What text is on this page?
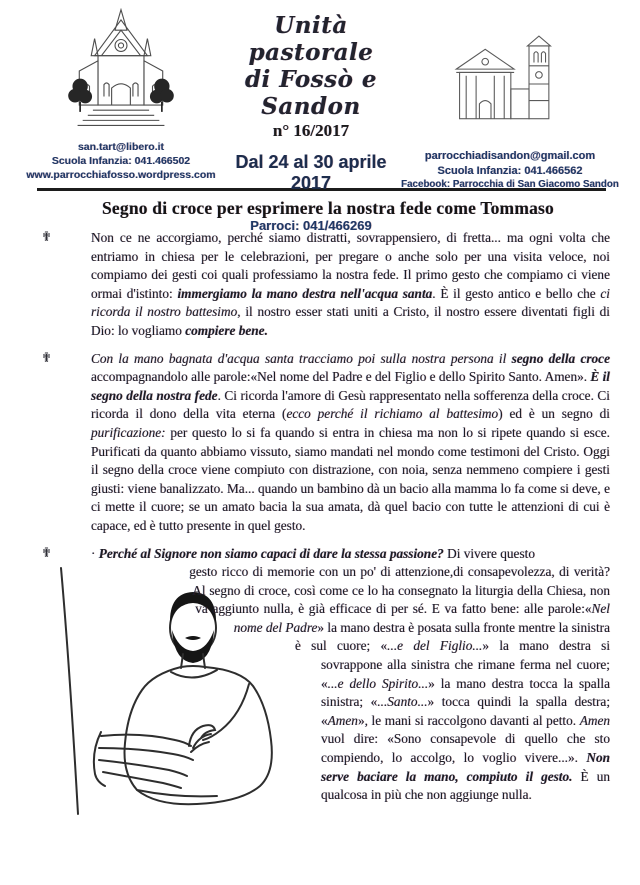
san.tart@libero.it
Scuola Infanzia: 041.466502
www.parrocchiafosso.wordpress.com
Unità pastorale
di Fossò e Sandon
n° 16/2017
Dal 24 al 30 aprile 2017
Parroci: 041/466269
parrocchiadisandon@gmail.com
Scuola Infanzia: 041.466562
Facebook: Parrocchia di San Giacomo Sandon
Segno di croce per esprimere la nostra fede come Tommaso
✟	Non ce ne accorgiamo, perché siamo distratti, sovrappensiero, di fretta... ma ogni volta che entriamo in chiesa per le celebrazioni, per pregare o anche solo per una visita veloce, noi compiamo dei gesti coi quali professiamo la nostra fede. Il primo gesto che compiamo ci viene ormai d'istinto: immergiamo la mano destra nell'acqua santa. È il gesto antico e bello che ci ricorda il nostro battesimo, il nostro esser stati uniti a Cristo, il nostro essere diventati figli di Dio: lo vogliamo compiere bene.

✟	Con la mano bagnata d'acqua santa tracciamo poi sulla nostra persona il segno della croce accompagnandolo alle parole:«Nel nome del Padre e del Figlio e dello Spirito Santo. Amen». È il segno della nostra fede. Ci ricorda l'amore di Gesù rappresentato nella sofferenza della croce. Ci ricorda il dono della vita eterna (ecco perché il richiamo al battesimo) ed è un segno di purificazione: per questo lo si fa quando si entra in chiesa ma non lo si ripete quando si esce. Purificati da quanto abbiamo vissuto, siamo mandati nel mondo come testimoni del Cristo. Oggi il segno della croce viene compiuto con distrazione, con noia, senza nemmeno compiere i gesti giusti: viene banalizzato. Ma... quando un bambino dà un bacio alla mamma lo fa come si deve, e ci mette il cuore; se un amato bacia la sua amata, dà quel bacio con tutte le attenzioni di cui è capace, ed è tutto presente in quel gesto.

✟	· Perché al Signore non siamo capaci di dare la stessa passione? Di vivere questo

gesto ricco di memorie con un po' di attenzione,di consapevolezza, di verità? Al segno di croce, così come ce lo ha consegnato la liturgia della Chiesa, non va aggiunto nulla, è già efficace di per sé. E va fatto bene: alle parole:«Nel nome del Padre» la mano destra è posata sulla fronte mentre la sinistra è sul cuore; «...e del Figlio...» la mano destra si sovrappone alla sinistra che rimane ferma nel cuore; «...e dello Spirito...» la mano destra tocca la spalla sinistra; «...Santo...» tocca quindi la spalla destra; «Amen», le mani si raccolgono davanti al petto. Amen vuol dire: «Sono consapevole di quello che sto compiendo, lo accolgo, lo voglio vivere...». Non serve baciare la mano, compiuto il gesto. È un qualcosa in più che non aggiunge nulla.
